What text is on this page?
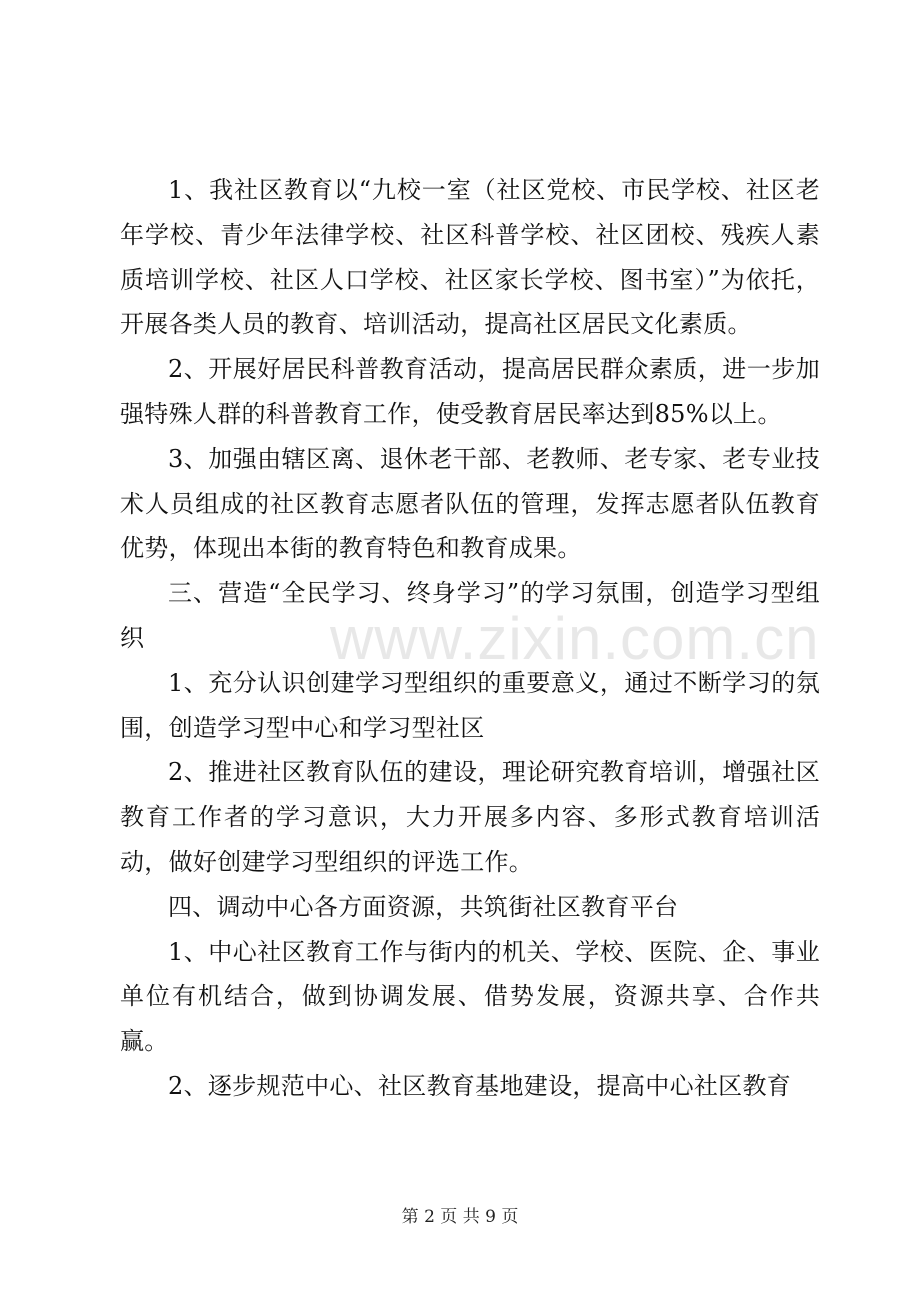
1、我社区教育以“九校一室（社区党校、市民学校、社区老年学校、青少年法律学校、社区科普学校、社区团校、残疾人素质培训学校、社区人口学校、社区家长学校、图书室）”为依托，开展各类人员的教育、培训活动，提高社区居民文化素质。

2、开展好居民科普教育活动，提高居民群众素质，进一步加强特殊人群的科普教育工作，使受教育居民率达到85%以上。

3、加强由辖区离、退休老干部、老教师、老专家、老专业技术人员组成的社区教育志愿者队伍的管理，发挥志愿者队伍教育优势，体现出本街的教育特色和教育成果。

三、营造“全民学习、终身学习”的学习氛围，创造学习型组织

1、充分认识创建学习型组织的重要意义，通过不断学习的氛围，创造学习型中心和学习型社区

2、推进社区教育队伍的建设，理论研究教育培训，增强社区教育工作者的学习意识，大力开展多内容、多形式教育培训活动，做好创建学习型组织的评选工作。

四、调动中心各方面资源，共筑街社区教育平台

1、中心社区教育工作与街内的机关、学校、医院、企、事业单位有机结合，做到协调发展、借势发展，资源共享、合作共赢。

2、逐步规范中心、社区教育基地建设，提高中心社区教育

www.zixin.com.cn
第 2 页 共 9 页
